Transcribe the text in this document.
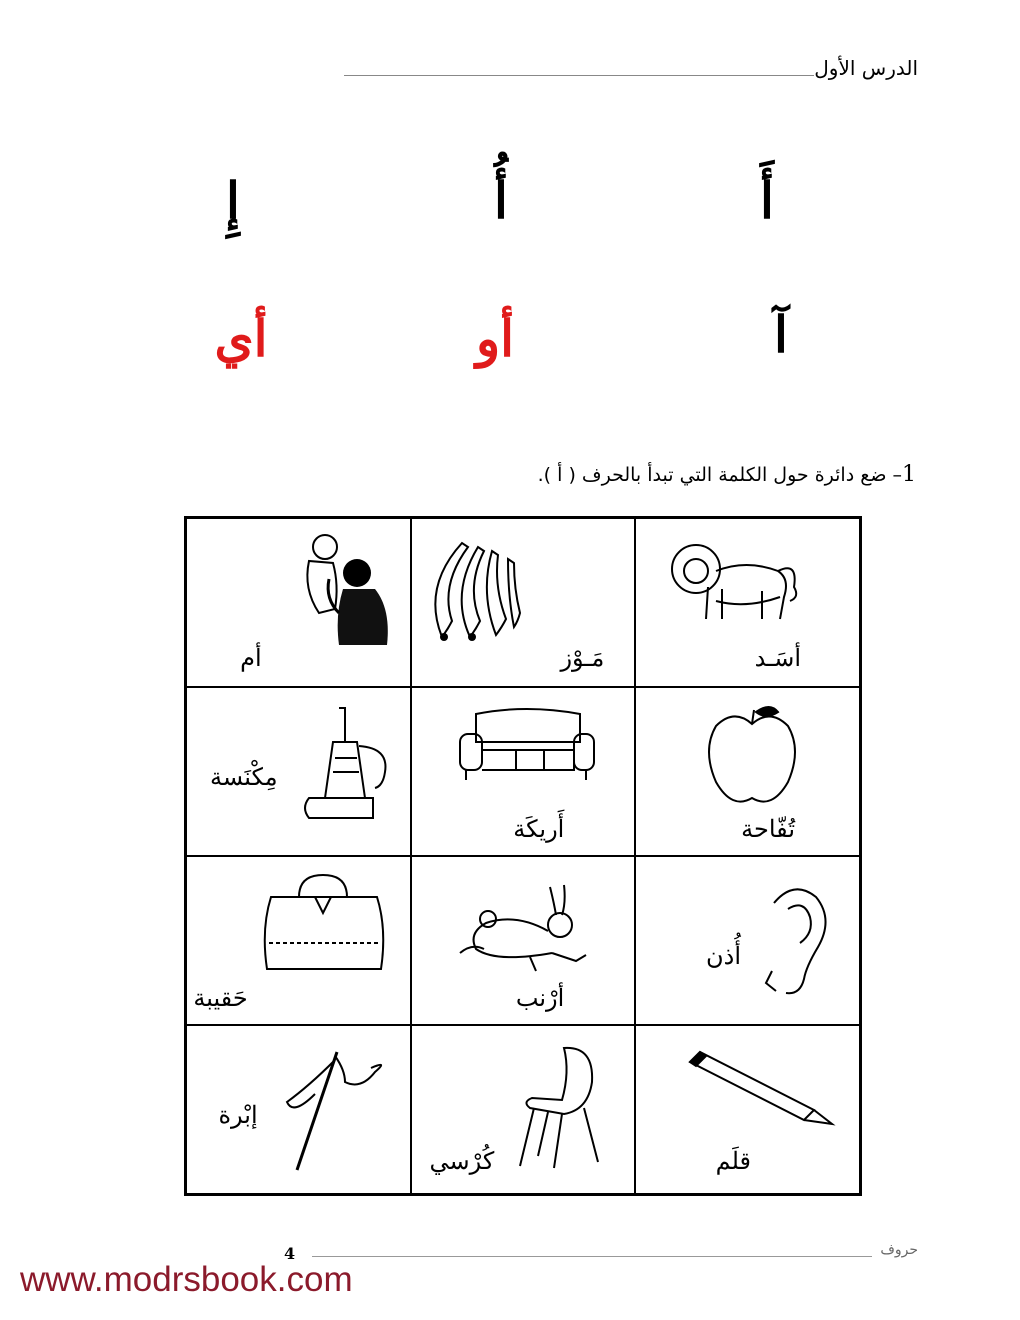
الدرس الأول
أَ
أُ
إِ
آ
أو
أي
1– ضع دائرة حول الكلمة التي تبدأ بالحرف ( أ ).
أسَـد
مَـوْز
أم
تُفّاحة
أَريكَة
مِكْنَسة
أُذن
أرْنب
حَقيبة
قلَم
كُرْسي
إبْرة
www.modrsbook.com
4	حروف
